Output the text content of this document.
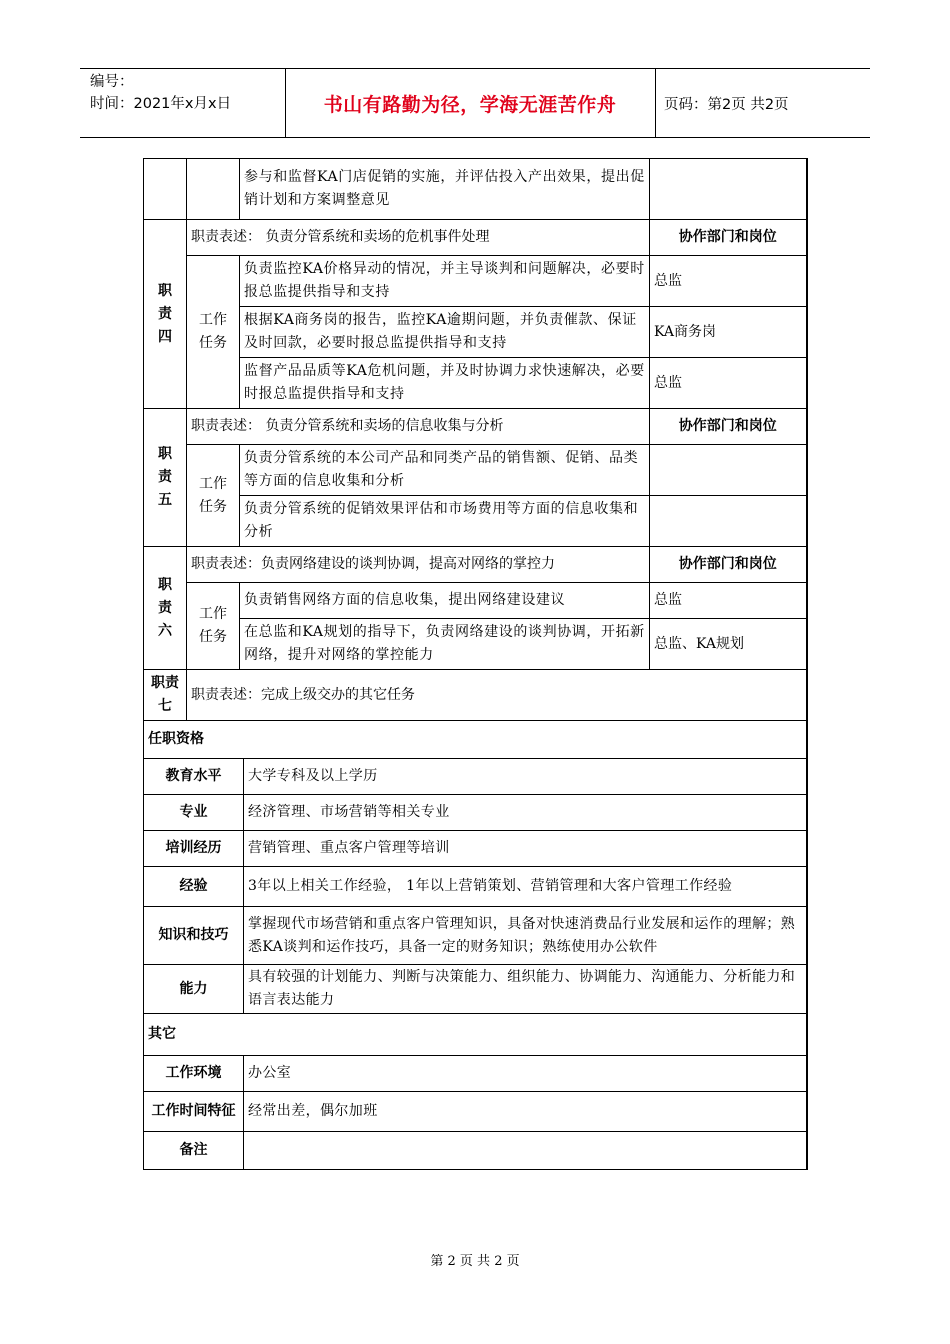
编号：
时间：2021年x月x日	书山有路勤为径，学海无涯苦作舟	页码：第2页 共2页
		参与和监督KA门店促销的实施，并评估投入产出效果，提出促销计划和方案调整意见	
职责四	职责表述： 负责分管系统和卖场的危机事件处理		协作部门和岗位
	工作任务	负责监控KA价格异动的情况，并主导谈判和问题解决，必要时报总监提供指导和支持	总监
		根据KA商务岗的报告，监控KA逾期问题，并负责催款、保证及时回款，必要时报总监提供指导和支持	KA商务岗
		监督产品品质等KA危机问题，并及时协调力求快速解决，必要时报总监提供指导和支持	总监
职责五	职责表述： 负责分管系统和卖场的信息收集与分析		协作部门和岗位
	工作任务	负责分管系统的本公司产品和同类产品的销售额、促销、品类等方面的信息收集和分析	
		负责分管系统的促销效果评估和市场费用等方面的信息收集和分析	
职责六	职责表述：负责网络建设的谈判协调，提高对网络的掌控力		协作部门和岗位
	工作任务	负责销售网络方面的信息收集，提出网络建设建议	总监
		在总监和KA规划的指导下，负责网络建设的谈判协调，开拓新网络，提升对网络的掌控能力	总监、KA规划
职责七	职责表述：完成上级交办的其它任务		
任职资格	
教育水平	大学专科及以上学历
专业	经济管理、市场营销等相关专业
培训经历	营销管理、重点客户管理等培训
经验	3年以上相关工作经验， 1年以上营销策划、营销管理和大客户管理工作经验
知识和技巧	掌握现代市场营销和重点客户管理知识，具备对快速消费品行业发展和运作的理解；熟悉KA谈判和运作技巧，具备一定的财务知识；熟练使用办公软件
能力	具有较强的计划能力、判断与决策能力、组织能力、协调能力、沟通能力、分析能力和语言表达能力
其它	
工作环境	办公室
工作时间特征	经常出差，偶尔加班
备注	
第 2 页 共 2 页
